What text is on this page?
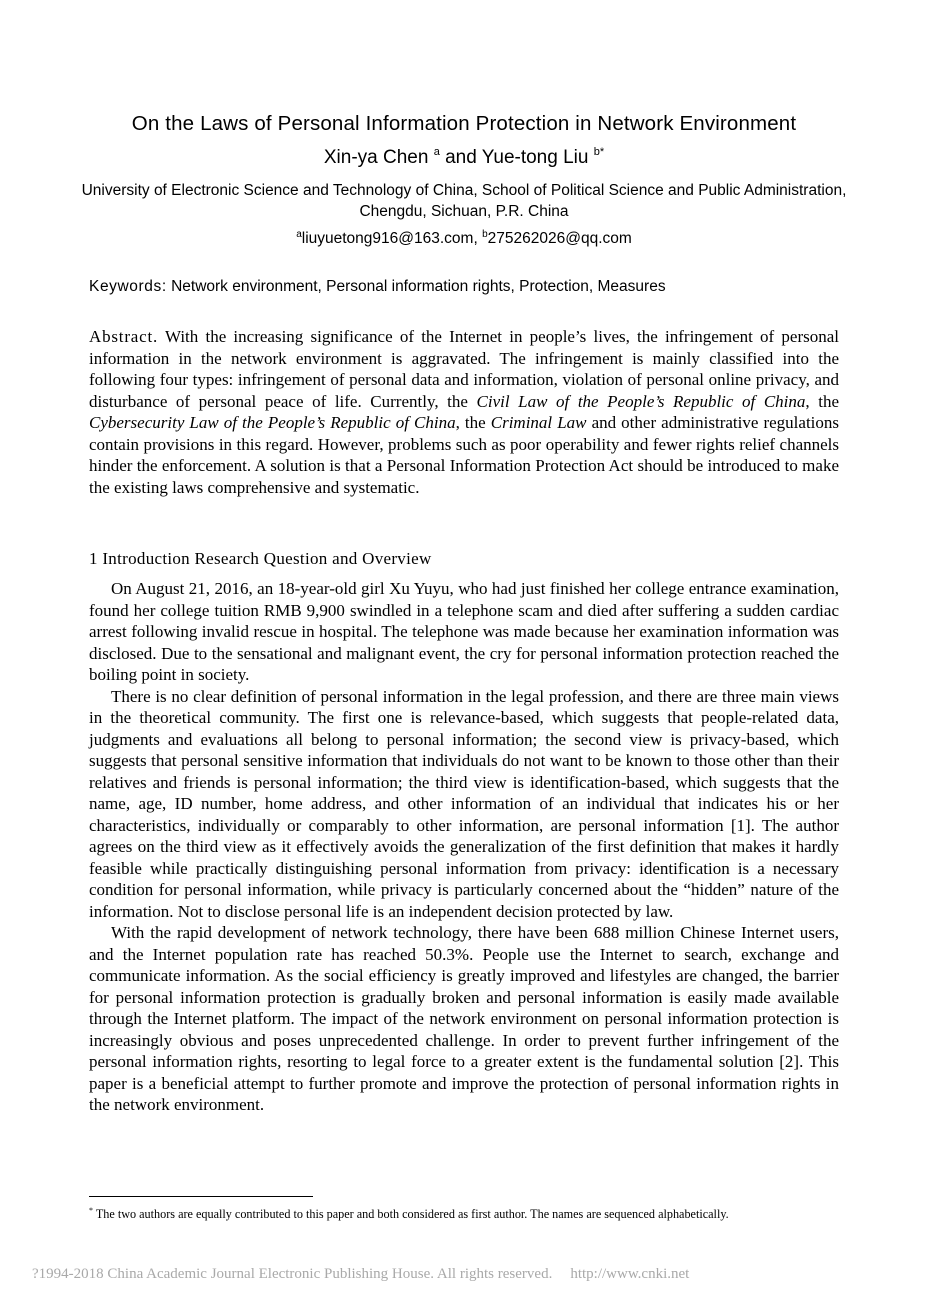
On the Laws of Personal Information Protection in Network Environment
Xin-ya Chen $^a$ and Yue-tong Liu $^{b*}$
University of Electronic Science and Technology of China, School of Political Science and Public Administration, Chengdu, Sichuan, P.R. China
$^a$liuyuetong916@163.com, $^b$275262026@qq.com
Keywords: Network environment, Personal information rights, Protection, Measures

Abstract. With the increasing significance of the Internet in people’s lives, the infringement of personal information in the network environment is aggravated. The infringement is mainly classified into the following four types: infringement of personal data and information, violation of personal online privacy, and disturbance of personal peace of life. Currently, the Civil Law of the People’s Republic of China, the Cybersecurity Law of the People’s Republic of China, the Criminal Law and other administrative regulations contain provisions in this regard. However, problems such as poor operability and fewer rights relief channels hinder the enforcement. A solution is that a Personal Information Protection Act should be introduced to make the existing laws comprehensive and systematic.

1 Introduction Research Question and Overview

On August 21, 2016, an 18-year-old girl Xu Yuyu, who had just finished her college entrance examination, found her college tuition RMB 9,900 swindled in a telephone scam and died after suffering a sudden cardiac arrest following invalid rescue in hospital. The telephone was made because her examination information was disclosed. Due to the sensational and malignant event, the cry for personal information protection reached the boiling point in society.

There is no clear definition of personal information in the legal profession, and there are three main views in the theoretical community. The first one is relevance-based, which suggests that people-related data, judgments and evaluations all belong to personal information; the second view is privacy-based, which suggests that personal sensitive information that individuals do not want to be known to those other than their relatives and friends is personal information; the third view is identification-based, which suggests that the name, age, ID number, home address, and other information of an individual that indicates his or her characteristics, individually or comparably to other information, are personal information [1]. The author agrees on the third view as it effectively avoids the generalization of the first definition that makes it hardly feasible while practically distinguishing personal information from privacy: identification is a necessary condition for personal information, while privacy is particularly concerned about the “hidden” nature of the information. Not to disclose personal life is an independent decision protected by law.

With the rapid development of network technology, there have been 688 million Chinese Internet users, and the Internet population rate has reached 50.3%. People use the Internet to search, exchange and communicate information. As the social efficiency is greatly improved and lifestyles are changed, the barrier for personal information protection is gradually broken and personal information is easily made available through the Internet platform. The impact of the network environment on personal information protection is increasingly obvious and poses unprecedented challenge. In order to prevent further infringement of the personal information rights, resorting to legal force to a greater extent is the fundamental solution [2]. This paper is a beneficial attempt to further promote and improve the protection of personal information rights in the network environment.

* The two authors are equally contributed to this paper and both considered as first author. The names are sequenced alphabetically.
?1994-2018 China Academic Journal Electronic Publishing House. All rights reserved. http://www.cnki.net
